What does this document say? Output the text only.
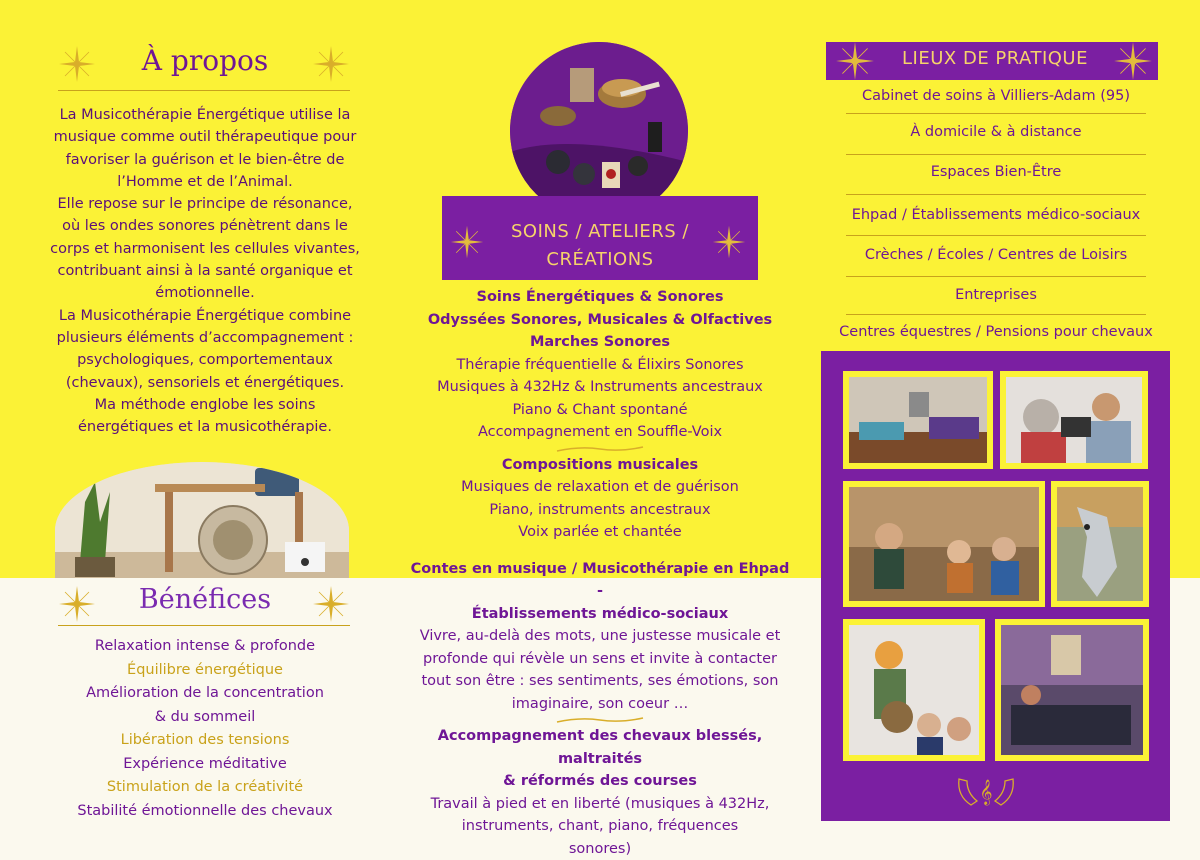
À propos
La Musicothérapie Énergétique utilise la musique comme outil thérapeutique pour favoriser la guérison et le bien-être de l’Homme et de l’Animal.
Elle repose sur le principe de résonance, où les ondes sonores pénètrent dans le corps et harmonisent les cellules vivantes, contribuant ainsi à la santé organique et émotionnelle.
La Musicothérapie Énergétique combine plusieurs éléments d’accompagnement : psychologiques, comportementaux (chevaux), sensoriels et énergétiques.
Ma méthode englobe les soins énergétiques et la musicothérapie.
Bénéfices
Relaxation intense & profonde
Équilibre énergétique
Amélioration de la concentration
& du sommeil
Libération des tensions
Expérience méditative
Stimulation de la créativité
Stabilité émotionnelle des chevaux
SOINS / ATELIERS /
CRÉATIONS
Soins Énergétiques & Sonores
Odyssées Sonores, Musicales & Olfactives
Marches Sonores
Thérapie fréquentielle & Élixirs Sonores
Musiques à 432Hz & Instruments ancestraux
Piano & Chant spontané
Accompagnement en Souffle-Voix
Compositions musicales
Musiques de relaxation et de guérison
Piano, instruments ancestraux
Voix parlée et chantée
Contes en musique / Musicothérapie en Ehpad -
Établissements médico-sociaux
Vivre, au-delà des mots, une justesse musicale et profonde qui révèle un sens et invite à contacter tout son être : ses sentiments, ses émotions, son imaginaire, son coeur …
Accompagnement des chevaux blessés, maltraités
& réformés des courses
Travail à pied et en liberté (musiques à 432Hz, instruments, chant, piano, fréquences sonores)
LIEUX DE PRATIQUE
Cabinet de soins à Villiers-Adam (95)
À domicile & à distance
Espaces Bien-Être
Ehpad / Établissements médico-sociaux
Crèches / Écoles / Centres de Loisirs
Entreprises
Centres équestres / Pensions pour chevaux
𝄞
